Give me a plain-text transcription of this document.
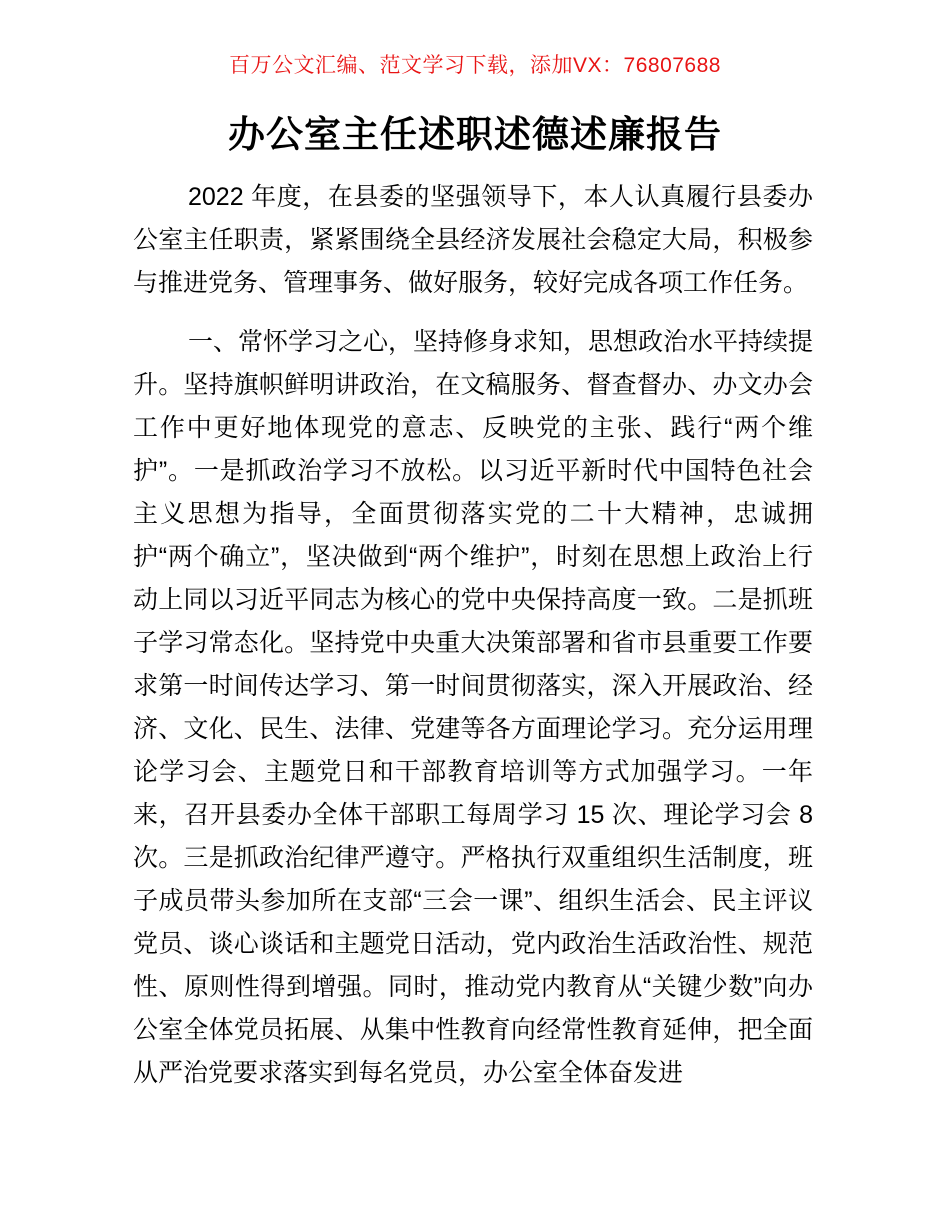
百万公文汇编、范文学习下载，添加VX：76807688
办公室主任述职述德述廉报告

2022 年度，在县委的坚强领导下，本人认真履行县委办公室主任职责，紧紧围绕全县经济发展社会稳定大局，积极参与推进党务、管理事务、做好服务，较好完成各项工作任务。

一、常怀学习之心，坚持修身求知，思想政治水平持续提升。坚持旗帜鲜明讲政治，在文稿服务、督查督办、办文办会工作中更好地体现党的意志、反映党的主张、践行“两个维护”。一是抓政治学习不放松。以习近平新时代中国特色社会主义思想为指导，全面贯彻落实党的二十大精神，忠诚拥护“两个确立”，坚决做到“两个维护”，时刻在思想上政治上行动上同以习近平同志为核心的党中央保持高度一致。二是抓班子学习常态化。坚持党中央重大决策部署和省市县重要工作要求第一时间传达学习、第一时间贯彻落实，深入开展政治、经济、文化、民生、法律、党建等各方面理论学习。充分运用理论学习会、主题党日和干部教育培训等方式加强学习。一年来，召开县委办全体干部职工每周学习 15 次、理论学习会 8 次。三是抓政治纪律严遵守。严格执行双重组织生活制度，班子成员带头参加所在支部“三会一课”、组织生活会、民主评议党员、谈心谈话和主题党日活动，党内政治生活政治性、规范性、原则性得到增强。同时，推动党内教育从“关键少数”向办公室全体党员拓展、从集中性教育向经常性教育延伸，把全面从严治党要求落实到每名党员，办公室全体奋发进
